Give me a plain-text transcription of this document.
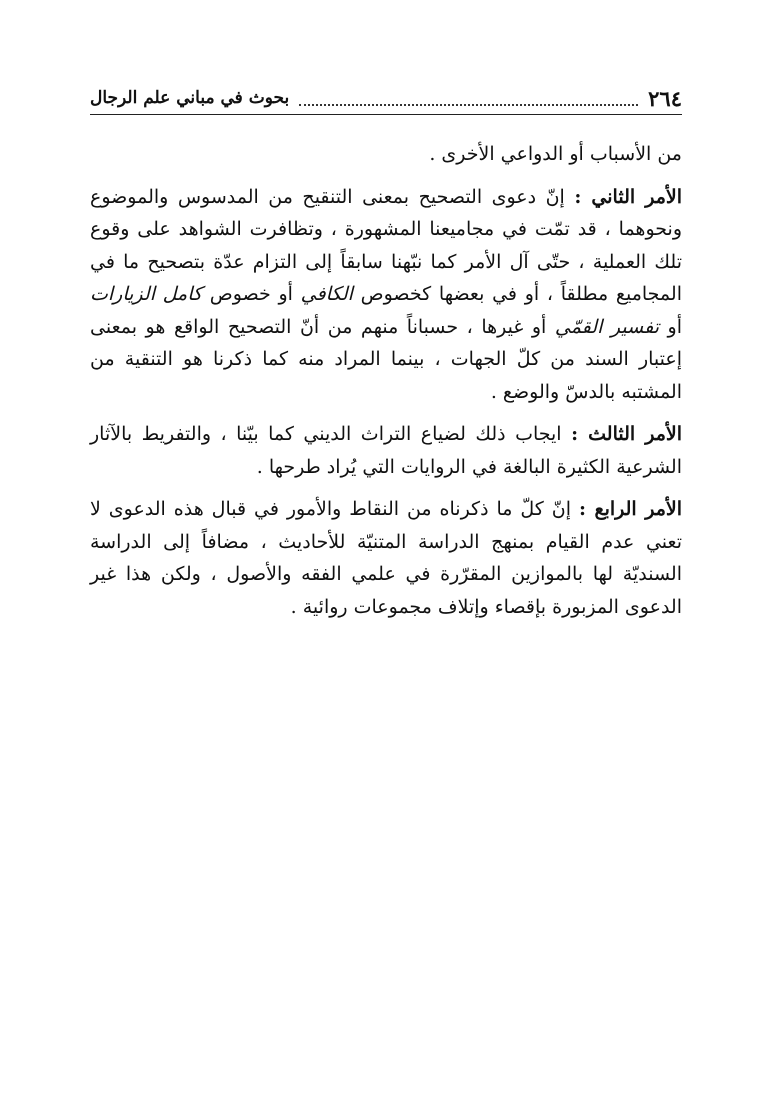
٢٦٤
بحوث في مباني علم الرجال

من الأسباب أو الدواعي الأخرى .

الأمر الثاني : إنّ دعوى التصحيح بمعنى التنقيح من المدسوس والموضوع ونحوهما ، قد تمّت في مجاميعنا المشهورة ، وتظافرت الشواهد على وقوع تلك العملية ، حتّى آل الأمر كما نبّهنا سابقاً إلى التزام عدّة بتصحيح ما في المجاميع مطلقاً ، أو في بعضها كخصوص الكافي أو خصوص كامل الزيارات أو تفسير القمّي أو غيرها ، حسباناً منهم من أنّ التصحيح الواقع هو بمعنى إعتبار السند من كلّ الجهات ، بينما المراد منه كما ذكرنا هو التنقية من المشتبه بالدسّ والوضع .

الأمر الثالث : ايجاب ذلك لضياع التراث الديني كما بيّنا ، والتفريط بالآثار الشرعية الكثيرة البالغة في الروايات التي يُراد طرحها .

الأمر الرابع : إنّ كلّ ما ذكرناه من النقاط والأمور في قبال هذه الدعوى لا تعني عدم القيام بمنهج الدراسة المتنيّة للأحاديث ، مضافاً إلى الدراسة السنديّة لها بالموازين المقرّرة في علمي الفقه والأصول ، ولكن هذا غير الدعوى المزبورة بإقصاء وإتلاف مجموعات روائية .
